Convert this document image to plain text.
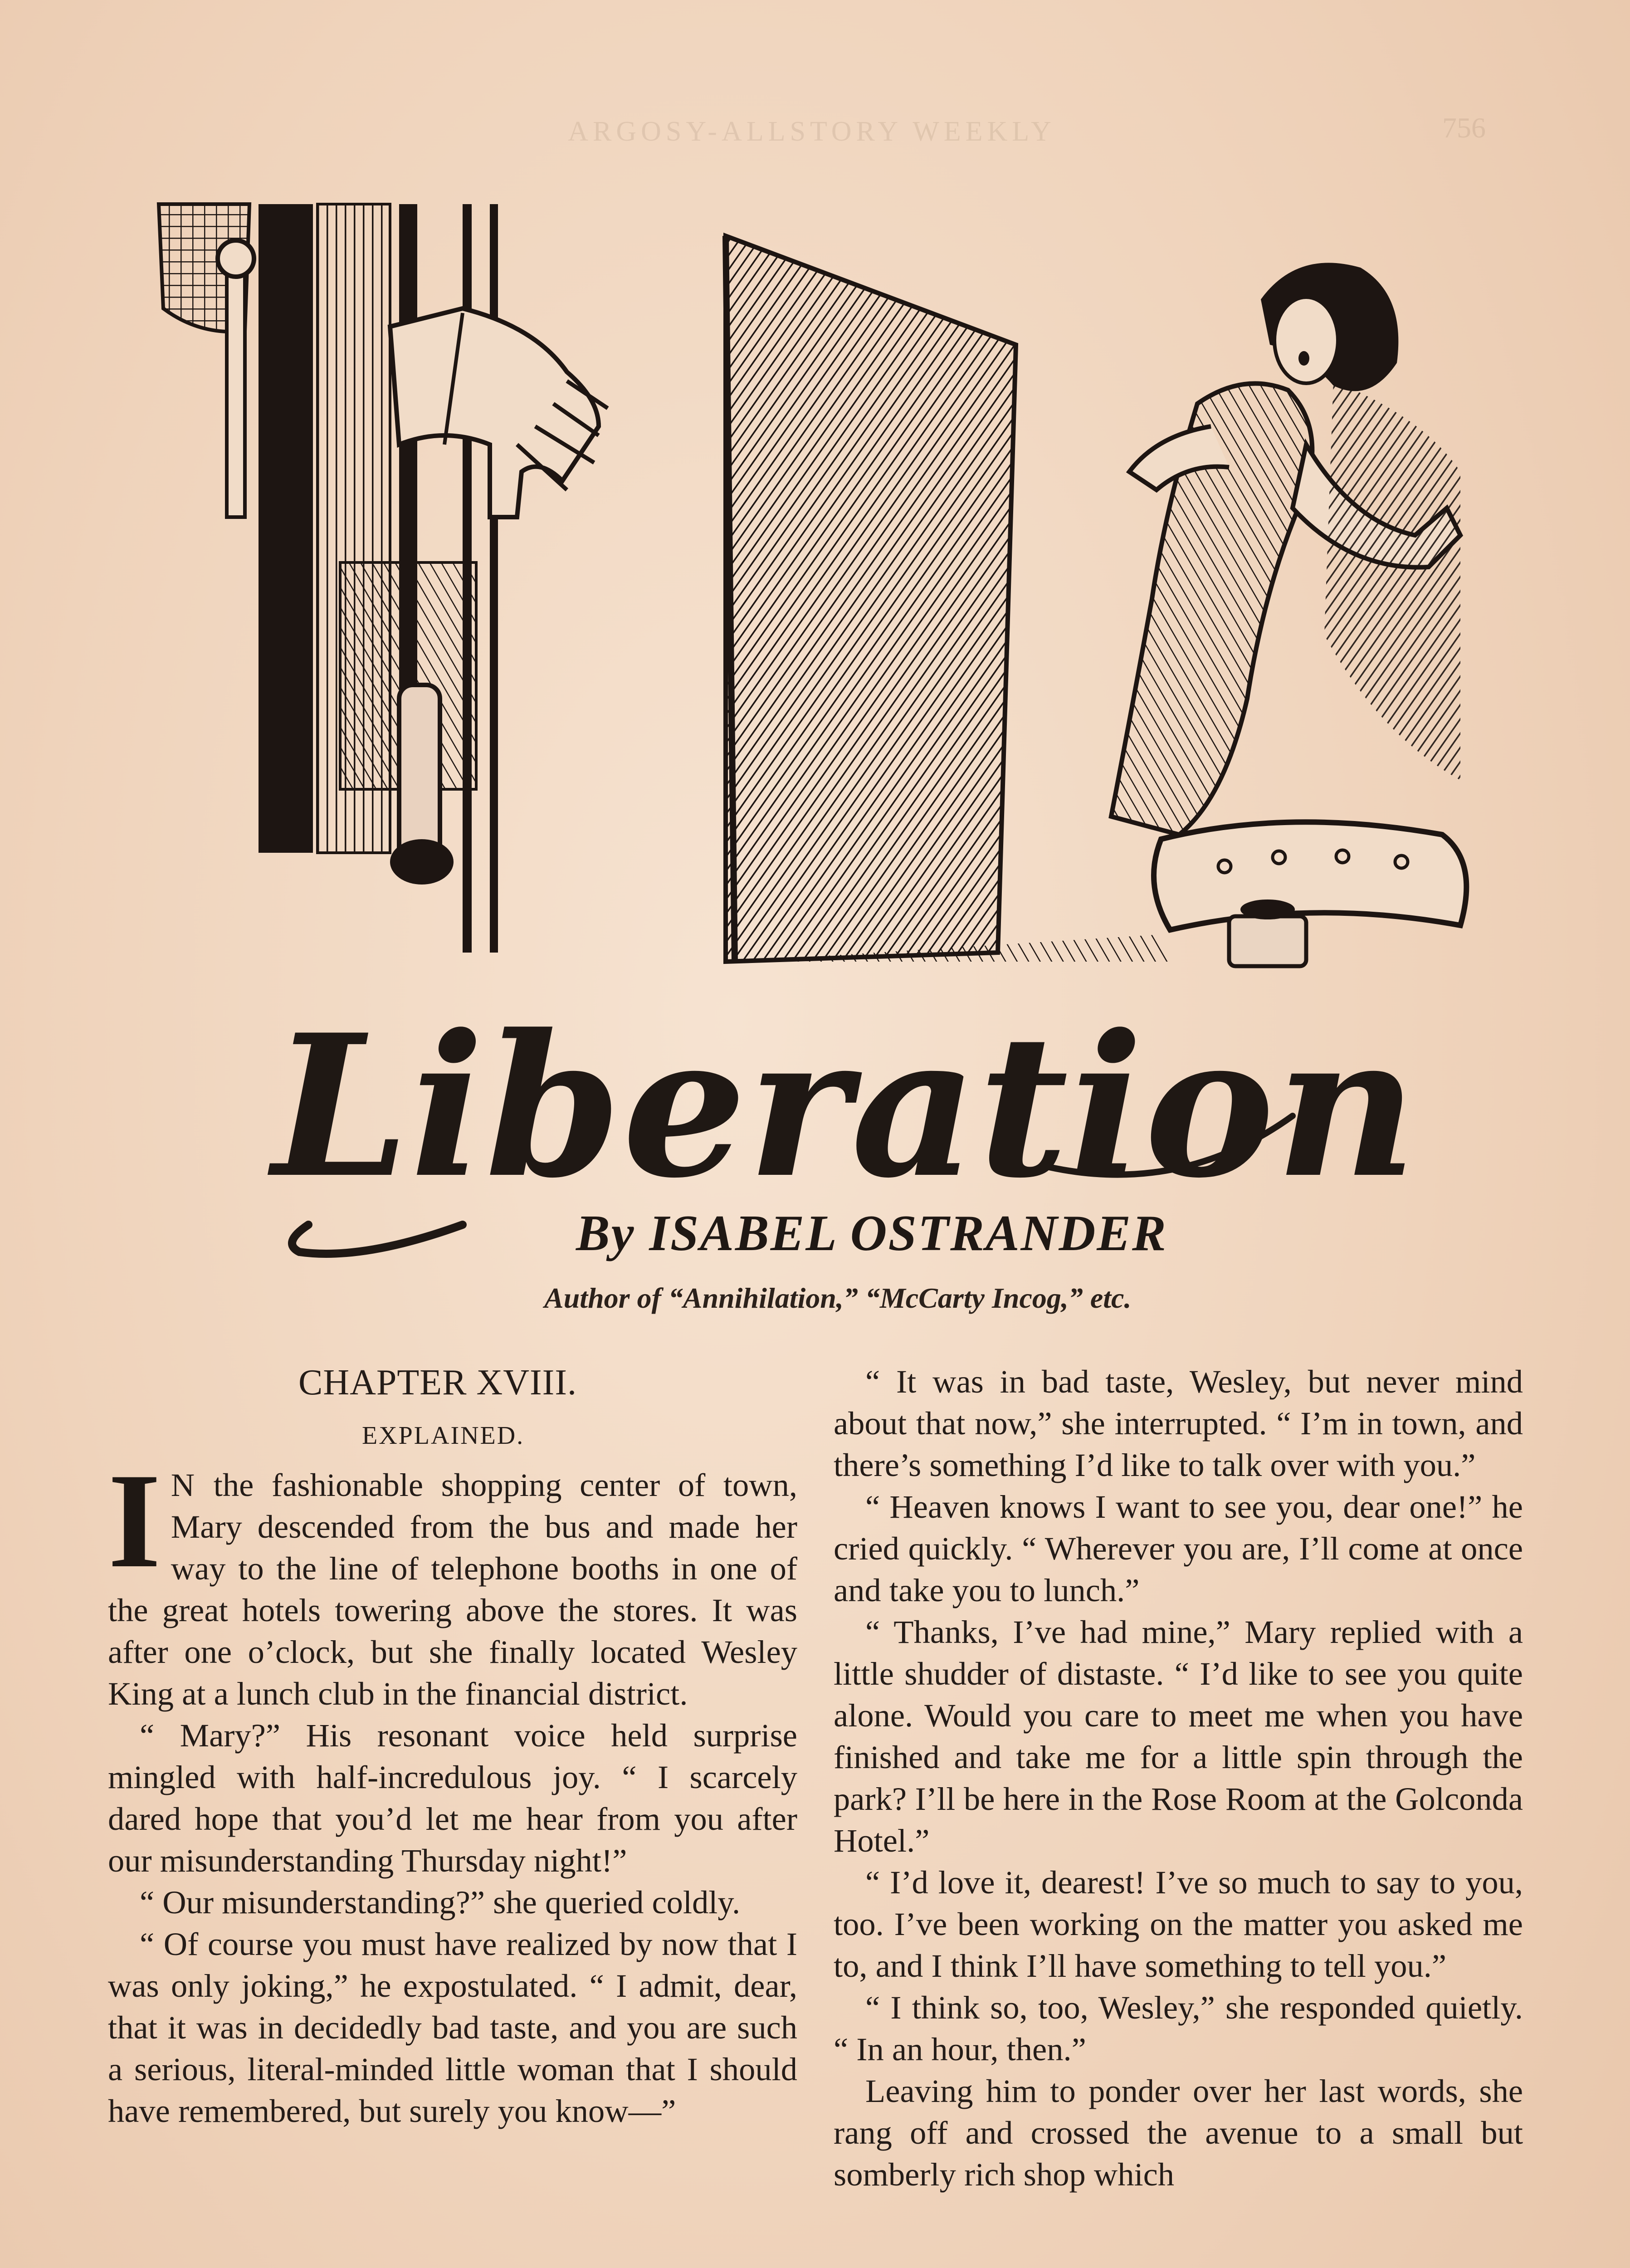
ARGOSY-ALLSTORY WEEKLY	756
Liberation
By ISABEL OSTRANDER
Author of “Annihilation,” “McCarty Incog,” etc.
CHAPTER XVIII.
EXPLAINED.

I N the fashionable shopping center of town, Mary descended from the bus and made her way to the line of telephone booths in one of the great hotels towering above the stores. It was after one o’clock, but she finally located Wesley King at a lunch club in the financial district.

“ Mary?” His resonant voice held surprise mingled with half-incredulous joy. “ I scarcely dared hope that you’d let me hear from you after our misunderstanding Thursday night!”

“ Our misunderstanding?” she queried coldly.

“ Of course you must have realized by now that I was only joking,” he expostulated. “ I admit, dear, that it was in decidedly bad taste, and you are such a serious, literal-minded little woman that I should have remembered, but surely you know—”

“ It was in bad taste, Wesley, but never mind about that now,” she interrupted. “ I’m in town, and there’s something I’d like to talk over with you.”

“ Heaven knows I want to see you, dear one!” he cried quickly. “ Wherever you are, I’ll come at once and take you to lunch.”

“ Thanks, I’ve had mine,” Mary replied with a little shudder of distaste. “ I’d like to see you quite alone. Would you care to meet me when you have finished and take me for a little spin through the park? I’ll be here in the Rose Room at the Golconda Hotel.”

“ I’d love it, dearest! I’ve so much to say to you, too. I’ve been working on the matter you asked me to, and I think I’ll have something to tell you.”

“ I think so, too, Wesley,” she responded quietly. “ In an hour, then.”

Leaving him to ponder over her last words, she rang off and crossed the avenue to a small but somberly rich shop which
